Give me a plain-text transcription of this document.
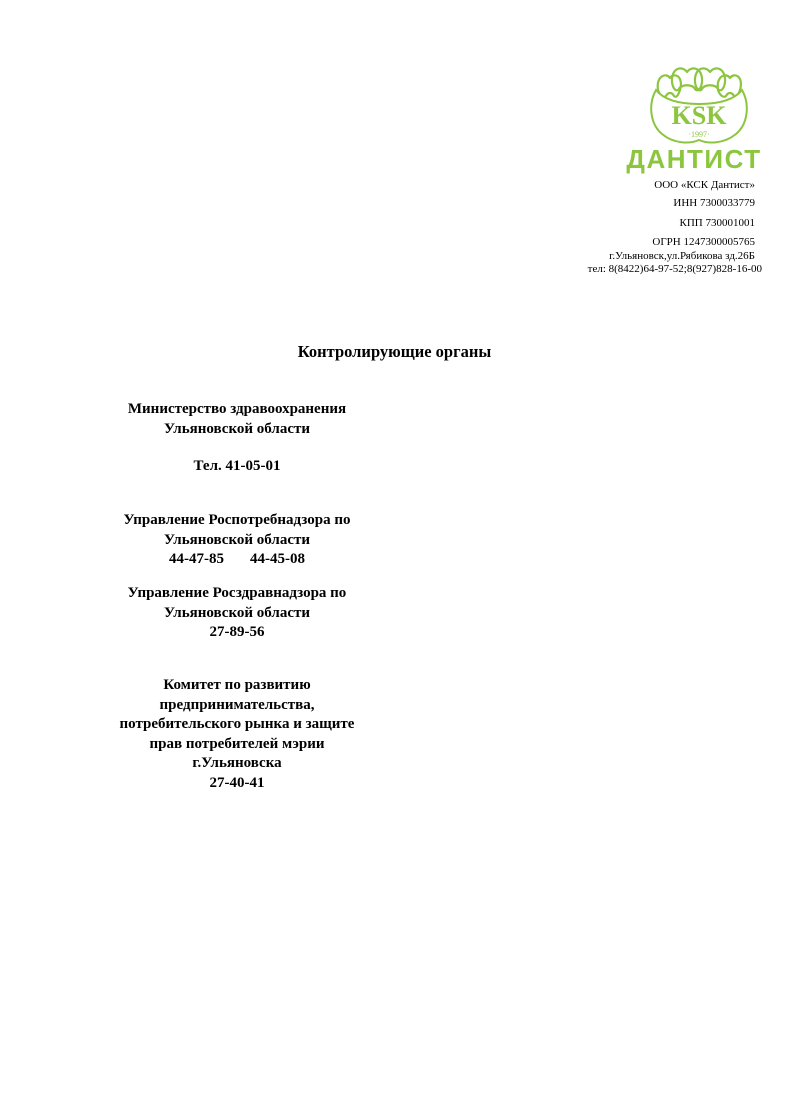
KSK
·1997·
ДАНТИСТ
ООО «КСК Дантист»
ИНН 7300033779
КПП 730001001
ОГРН 1247300005765
г.Ульяновск,ул.Рябикова зд.26Б
тел: 8(8422)64-97-52;8(927)828-16-00
Контролирующие органы
Министерство здравоохранения
Ульяновской области
Тел. 41-05-01
Управление Роспотребнадзора по
Ульяновской области
44-47-85 44-45-08
Управление Росздравнадзора по
Ульяновской области
27-89-56
Комитет по развитию
предпринимательства,
потребительского рынка и защите
прав потребителей мэрии
г.Ульяновска
27-40-41
